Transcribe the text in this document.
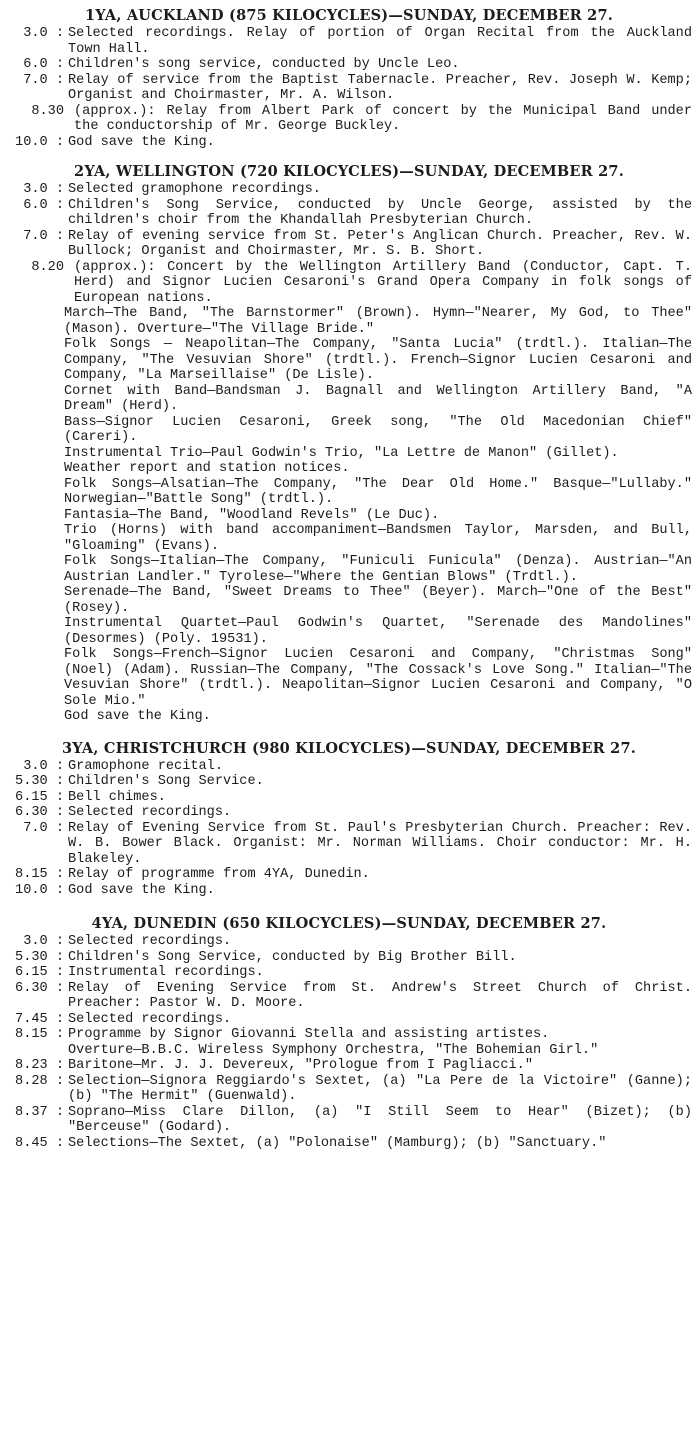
1YA, AUCKLAND (875 KILOCYCLES)—SUNDAY, DECEMBER 27.
3.0 : Selected recordings. Relay of portion of Organ Recital from the Auckland Town Hall.
6.0 : Children's song service, conducted by Uncle Leo.
7.0 : Relay of service from the Baptist Tabernacle. Preacher, Rev. Joseph W. Kemp; Organist and Choirmaster, Mr. A. Wilson.
8.30 (approx.): Relay from Albert Park of concert by the Municipal Band under the conductorship of Mr. George Buckley.
10.0 : God save the King.
2YA, WELLINGTON (720 KILOCYCLES)—SUNDAY, DECEMBER 27.
3.0 : Selected gramophone recordings.
6.0 : Children's Song Service, conducted by Uncle George, assisted by the children's choir from the Khandallah Presbyterian Church.
7.0 : Relay of evening service from St. Peter's Anglican Church. Preacher, Rev. W. Bullock; Organist and Choirmaster, Mr. S. B. Short.
8.20 (approx.): Concert by the Wellington Artillery Band (Conductor, Capt. T. Herd) and Signor Lucien Cesaroni's Grand Opera Company in folk songs of European nations.

March—The Band, "The Barnstormer" (Brown). Hymn—"Nearer, My God, to Thee" (Mason). Overture—"The Village Bride."

Folk Songs — Neapolitan—The Company, "Santa Lucia" (trdtl.). Italian—The Company, "The Vesuvian Shore" (trdtl.). French—Signor Lucien Cesaroni and Company, "La Marseillaise" (De Lisle).

Cornet with Band—Bandsman J. Bagnall and Wellington Artillery Band, "A Dream" (Herd).

Bass—Signor Lucien Cesaroni, Greek song, "The Old Macedonian Chief" (Careri).

Instrumental Trio—Paul Godwin's Trio, "La Lettre de Manon" (Gillet).

Weather report and station notices.

Folk Songs—Alsatian—The Company, "The Dear Old Home." Basque—"Lullaby." Norwegian—"Battle Song" (trdtl.).

Fantasia—The Band, "Woodland Revels" (Le Duc).

Trio (Horns) with band accompaniment—Bandsmen Taylor, Marsden, and Bull, "Gloaming" (Evans).

Folk Songs—Italian—The Company, "Funiculi Funicula" (Denza). Austrian—"An Austrian Landler." Tyrolese—"Where the Gentian Blows" (Trdtl.).

Serenade—The Band, "Sweet Dreams to Thee" (Beyer). March—"One of the Best" (Rosey).

Instrumental Quartet—Paul Godwin's Quartet, "Serenade des Mandolines" (Desormes) (Poly. 19531).

Folk Songs—French—Signor Lucien Cesaroni and Company, "Christmas Song" (Noel) (Adam). Russian—The Company, "The Cossack's Love Song." Italian—"The Vesuvian Shore" (trdtl.). Neapolitan—Signor Lucien Cesaroni and Company, "O Sole Mio."

God save the King.

3YA, CHRISTCHURCH (980 KILOCYCLES)—SUNDAY, DECEMBER 27.
3.0 : Gramophone recital.
5.30 : Children's Song Service.
6.15 : Bell chimes.
6.30 : Selected recordings.
7.0 : Relay of Evening Service from St. Paul's Presbyterian Church. Preacher: Rev. W. B. Bower Black. Organist: Mr. Norman Williams. Choir conductor: Mr. H. Blakeley.
8.15 : Relay of programme from 4YA, Dunedin.
10.0 : God save the King.
4YA, DUNEDIN (650 KILOCYCLES)—SUNDAY, DECEMBER 27.
3.0 : Selected recordings.
5.30 : Children's Song Service, conducted by Big Brother Bill.
6.15 : Instrumental recordings.
6.30 : Relay of Evening Service from St. Andrew's Street Church of Christ. Preacher: Pastor W. D. Moore.
7.45 : Selected recordings.
8.15 : Programme by Signor Giovanni Stella and assisting artistes.
Overture—B.B.C. Wireless Symphony Orchestra, "The Bohemian Girl."
8.23 : Baritone—Mr. J. J. Devereux, "Prologue from I Pagliacci."
8.28 : Selection—Signora Reggiardo's Sextet, (a) "La Pere de la Victoire" (Ganne); (b) "The Hermit" (Guenwald).
8.37 : Soprano—Miss Clare Dillon, (a) "I Still Seem to Hear" (Bizet); (b) "Berceuse" (Godard).
8.45 : Selections—The Sextet, (a) "Polonaise" (Mamburg); (b) "Sanctuary."
